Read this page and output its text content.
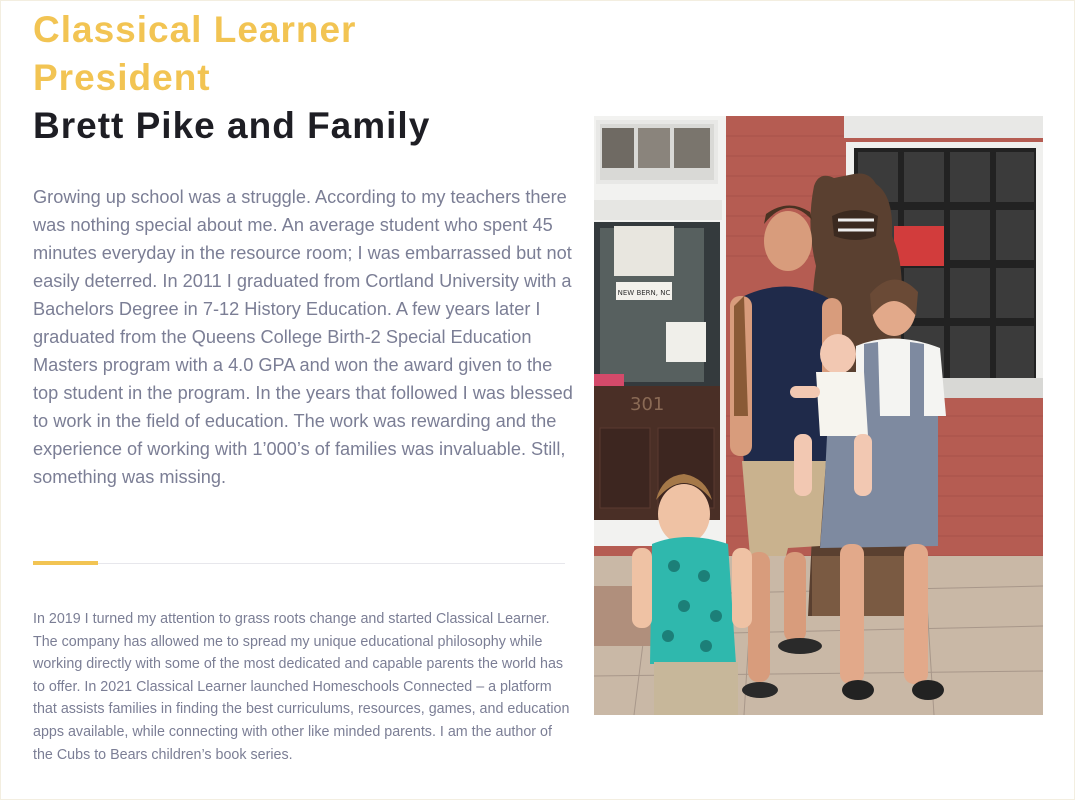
Classical Learner
President
Brett Pike and Family

Growing up school was a struggle. According to my teachers there was nothing special about me. An average student who spent 45 minutes everyday in the resource room; I was embarrassed but not easily deterred. In 2011 I graduated from Cortland University with a Bachelors Degree in 7-12 History Education. A few years later I graduated from the Queens College Birth-2 Special Education Masters program with a 4.0 GPA and won the award given to the top student in the program. In the years that followed I was blessed to work in the field of education. The work was rewarding and the experience of working with 1’000’s of families was invaluable. Still, something was missing.

In 2019 I turned my attention to grass roots change and started Classical Learner. The company has allowed me to spread my unique educational philosophy while working directly with some of the most dedicated and capable parents the world has to offer. In 2021 Classical Learner launched Homeschools Connected – a platform that assists families in finding the best curriculums, resources, games, and education apps available, while connecting with other like minded parents. I am the author of the Cubs to Bears children’s book series.

NEW BERN, NC
301
